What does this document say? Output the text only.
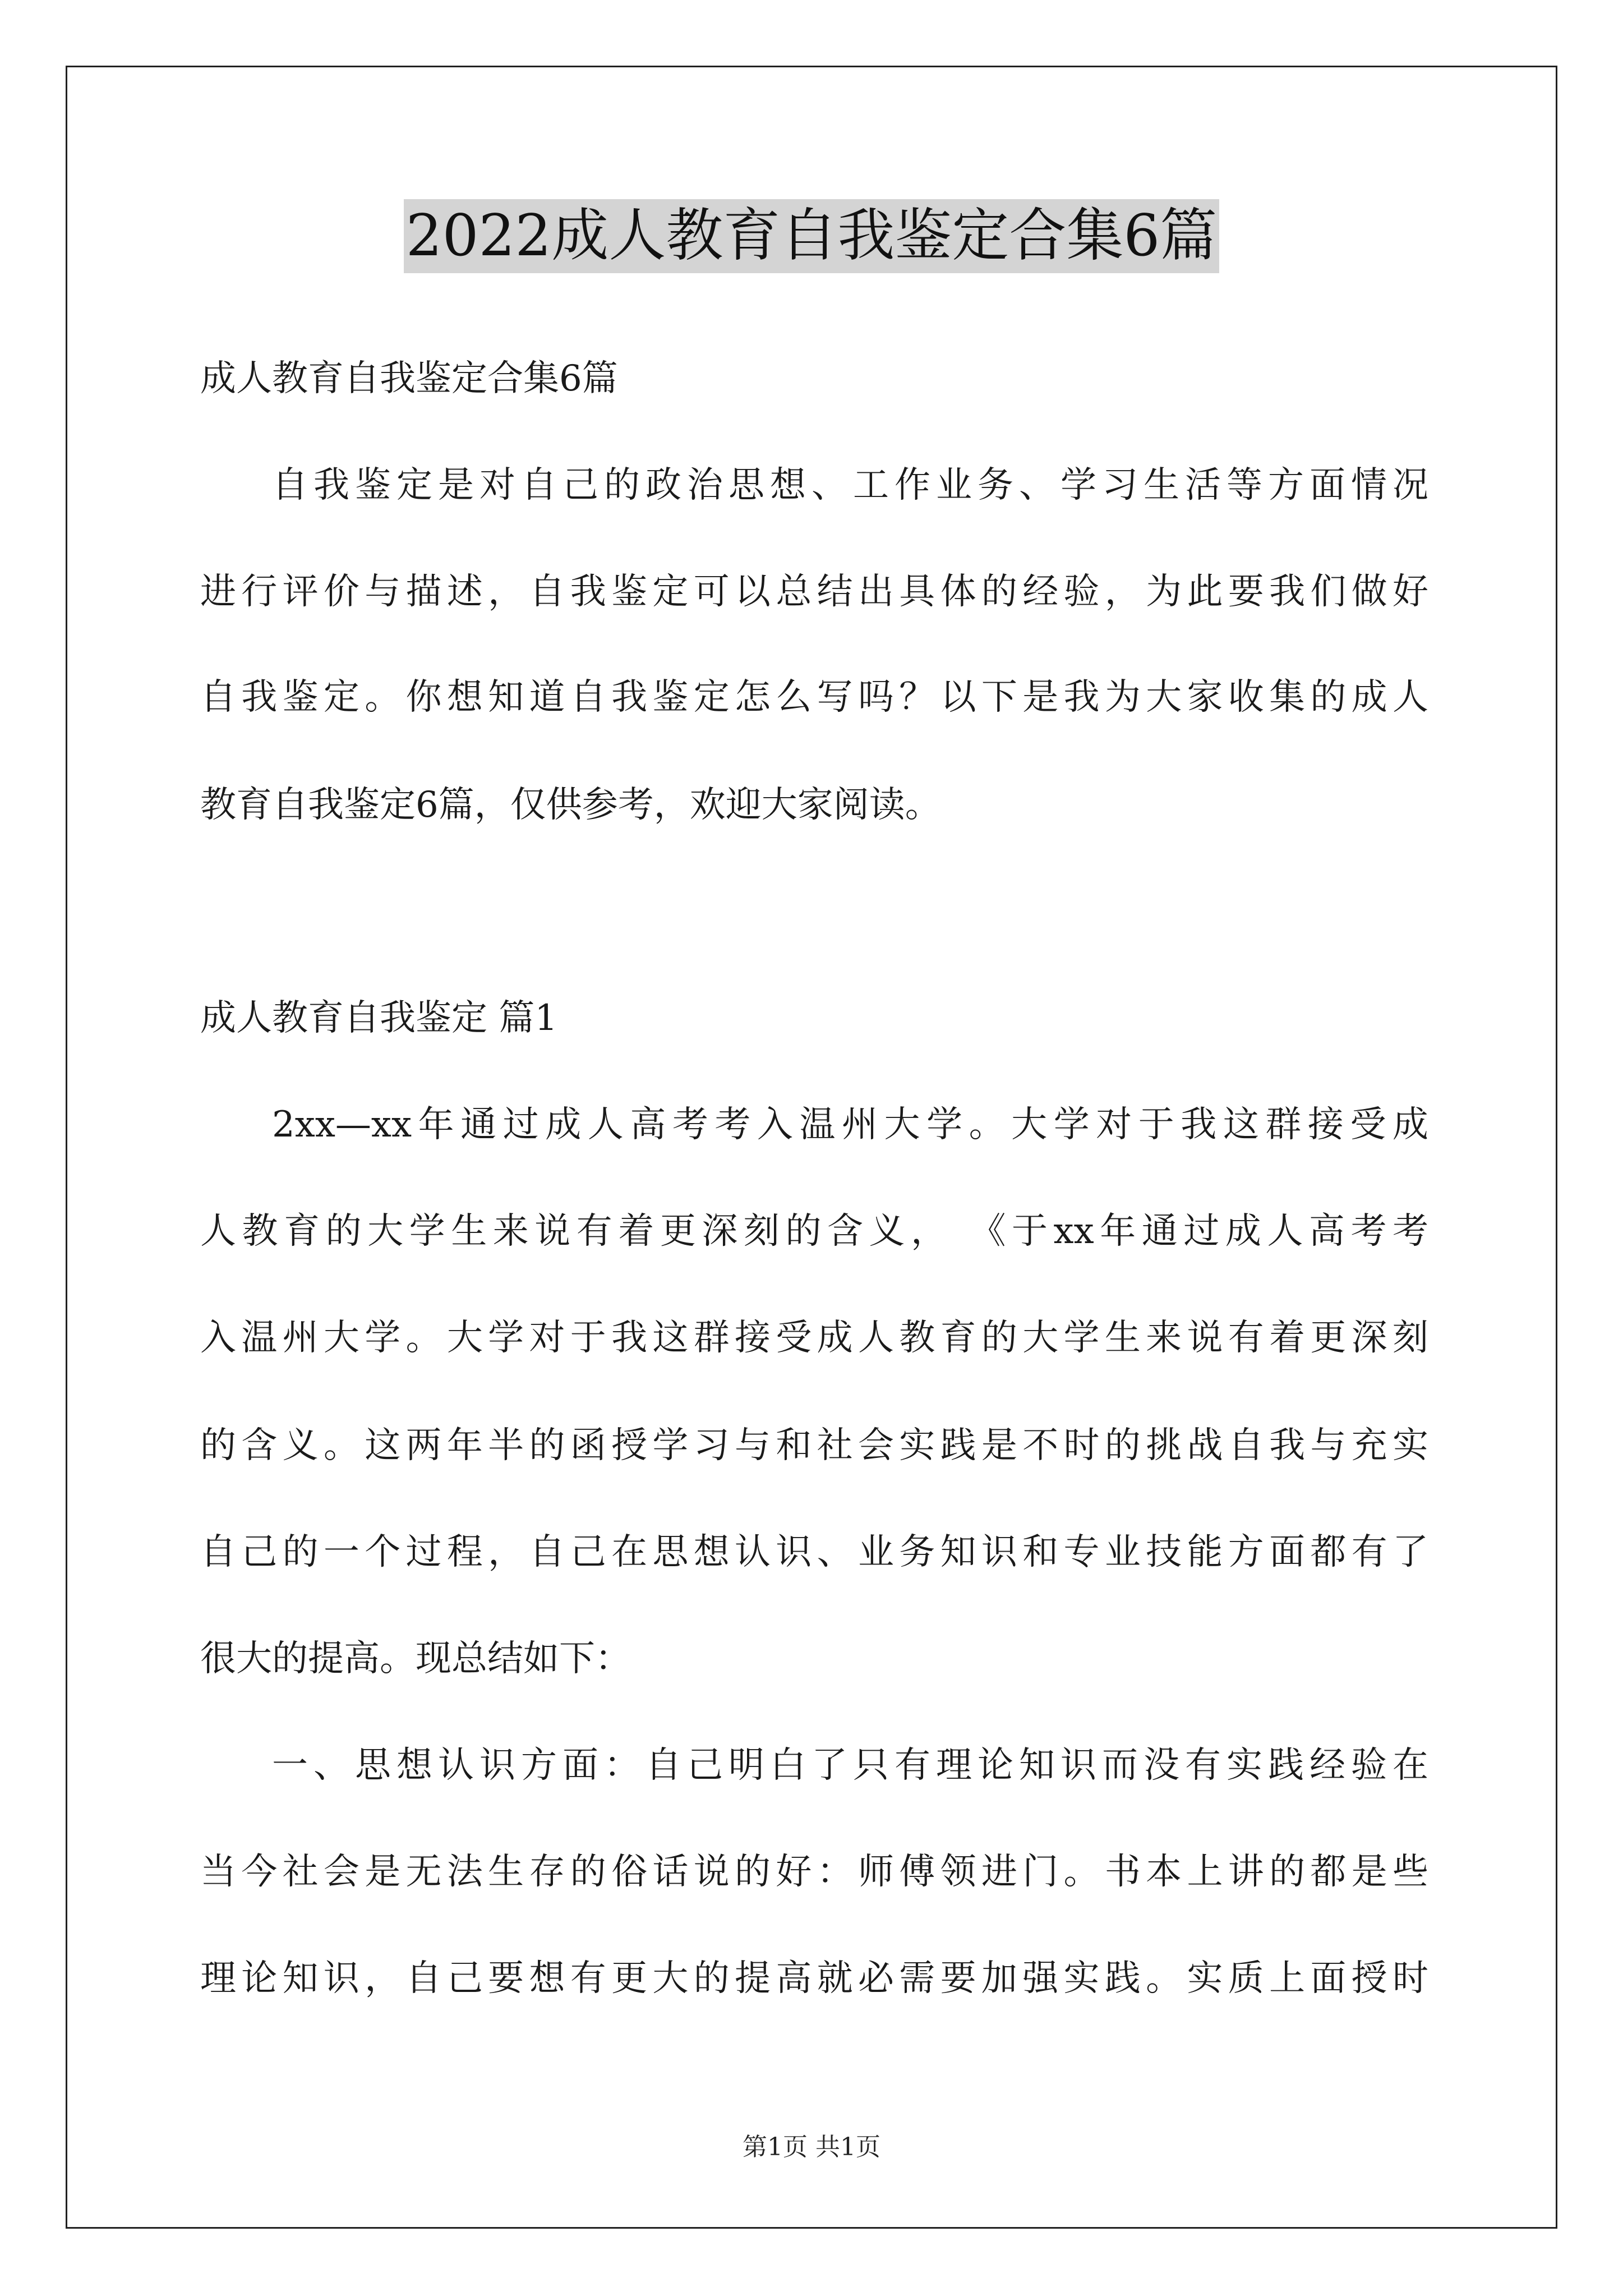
2022成人教育自我鉴定合集6篇
成人教育自我鉴定合集6篇
自我鉴定是对自己的政治思想、工作业务、学习生活等方面情况
进行评价与描述，自我鉴定可以总结出具体的经验，为此要我们做好
自我鉴定。你想知道自我鉴定怎么写吗？以下是我为大家收集的成人
教育自我鉴定6篇，仅供参考，欢迎大家阅读。
成人教育自我鉴定 篇1
2xx—xx年通过成人高考考入温州大学。大学对于我这群接受成
人教育的大学生来说有着更深刻的含义， 《于xx年通过成人高考考
入温州大学。大学对于我这群接受成人教育的大学生来说有着更深刻
的含义。这两年半的函授学习与和社会实践是不时的挑战自我与充实
自己的一个过程，自己在思想认识、业务知识和专业技能方面都有了
很大的提高。现总结如下：
一、思想认识方面：自己明白了只有理论知识而没有实践经验在
当今社会是无法生存的俗话说的好：师傅领进门。书本上讲的都是些
理论知识，自己要想有更大的提高就必需要加强实践。实质上面授时
第1页 共1页
